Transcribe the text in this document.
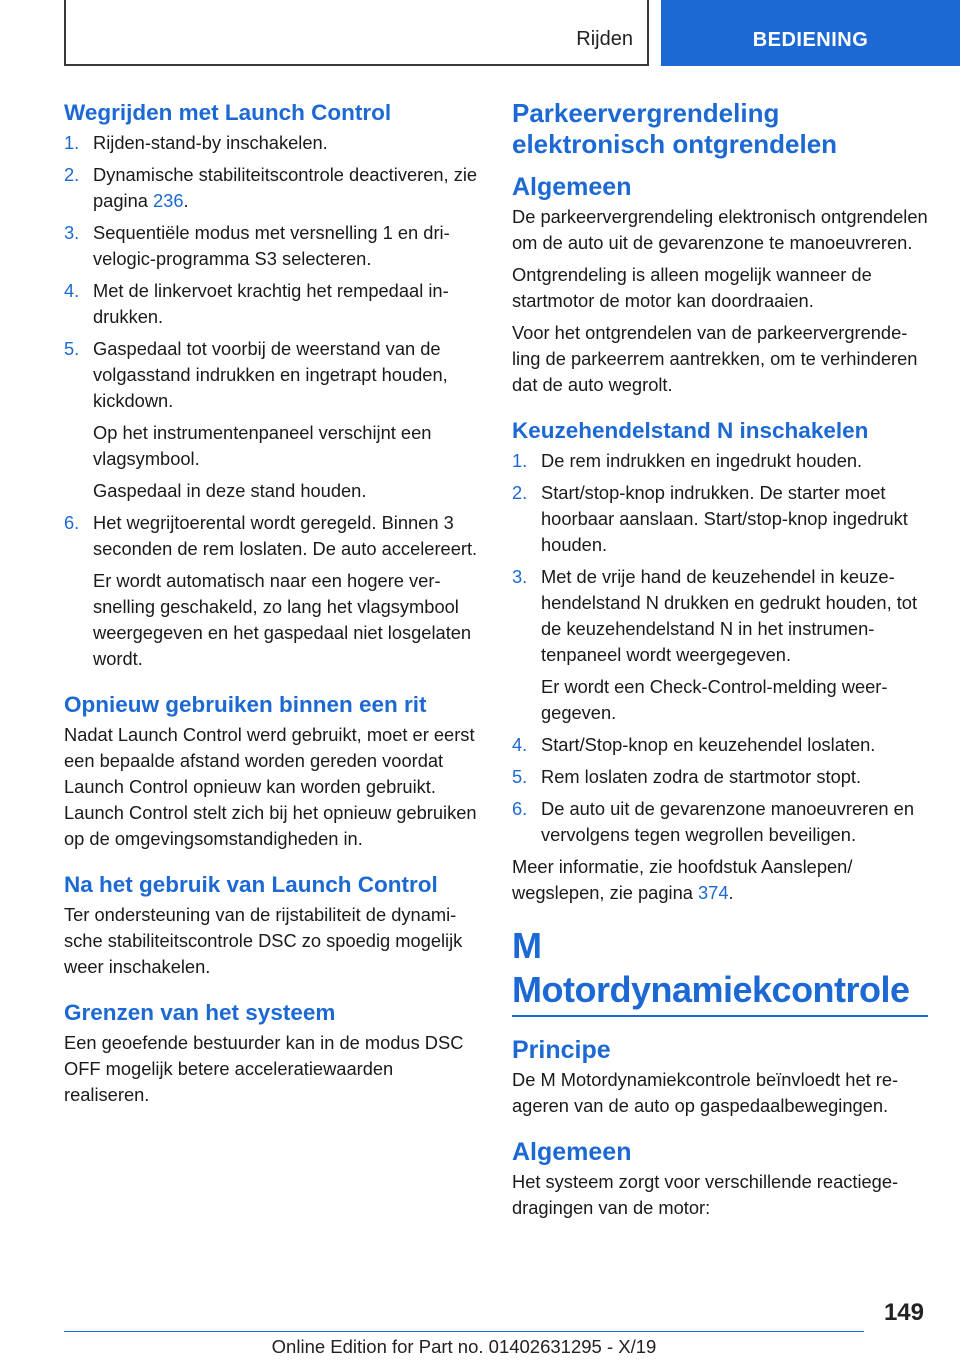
Rijden	BEDIENING
Wegrijden met Launch Control
1. Rijden-stand-by inschakelen.
2. Dynamische stabiliteitscontrole deactiveren, zie pagina 236.
3. Sequentiële modus met versnelling 1 en drivelogic-programma S3 selecteren.
4. Met de linkervoet krachtig het rempedaal indrukken.
5. Gaspedaal tot voorbij de weerstand van de volgasstand indrukken en ingetrapt houden, kickdown.
Op het instrumentenpaneel verschijnt een vlagsymbool.
Gaspedaal in deze stand houden.
6. Het wegrijtoerental wordt geregeld. Binnen 3 seconden de rem loslaten. De auto accelereert.
Er wordt automatisch naar een hogere versnelling geschakeld, zo lang het vlagsymbool weergegeven en het gaspedaal niet losgelaten wordt.
Opnieuw gebruiken binnen een rit
Nadat Launch Control werd gebruikt, moet er eerst een bepaalde afstand worden gereden voordat Launch Control opnieuw kan worden gebruikt. Launch Control stelt zich bij het opnieuw gebruiken op de omgevingsomstandigheden in.
Na het gebruik van Launch Control
Ter ondersteuning van de rijstabiliteit de dynamische stabiliteitscontrole DSC zo spoedig mogelijk weer inschakelen.
Grenzen van het systeem
Een geoefende bestuurder kan in de modus DSC OFF mogelijk betere acceleratiewaarden realiseren.
Parkeervergrendeling elektronisch ontgrendelen
Algemeen
De parkeervergrendeling elektronisch ontgrendelen om de auto uit de gevarenzone te manoeuvreren.
Ontgrendeling is alleen mogelijk wanneer de startmotor de motor kan doordraaien.
Voor het ontgrendelen van de parkeervergrendeling de parkeerrem aantrekken, om te verhinderen dat de auto wegrolt.
Keuzehendelstand N inschakelen
1. De rem indrukken en ingedrukt houden.
2. Start/stop-knop indrukken. De starter moet hoorbaar aanslaan. Start/stop-knop ingedrukt houden.
3. Met de vrije hand de keuzehendel in keuzehendelstand N drukken en gedrukt houden, tot de keuzehendelstand N in het instrumentenpaneel wordt weergegeven.
Er wordt een Check-Control-melding weergegeven.
4. Start/Stop-knop en keuzehendel loslaten.
5. Rem loslaten zodra de startmotor stopt.
6. De auto uit de gevarenzone manoeuvreren en vervolgens tegen wegrollen beveiligen.
Meer informatie, zie hoofdstuk Aanslepen/ wegslepen, zie pagina 374.
M Motordynamiekcontrole
Principe
De M Motordynamiekcontrole beïnvloedt het reageren van de auto op gaspedaalbewegingen.
Algemeen
Het systeem zorgt voor verschillende reactiegedragingen van de motor:
149
Online Edition for Part no. 01402631295 - X/19
